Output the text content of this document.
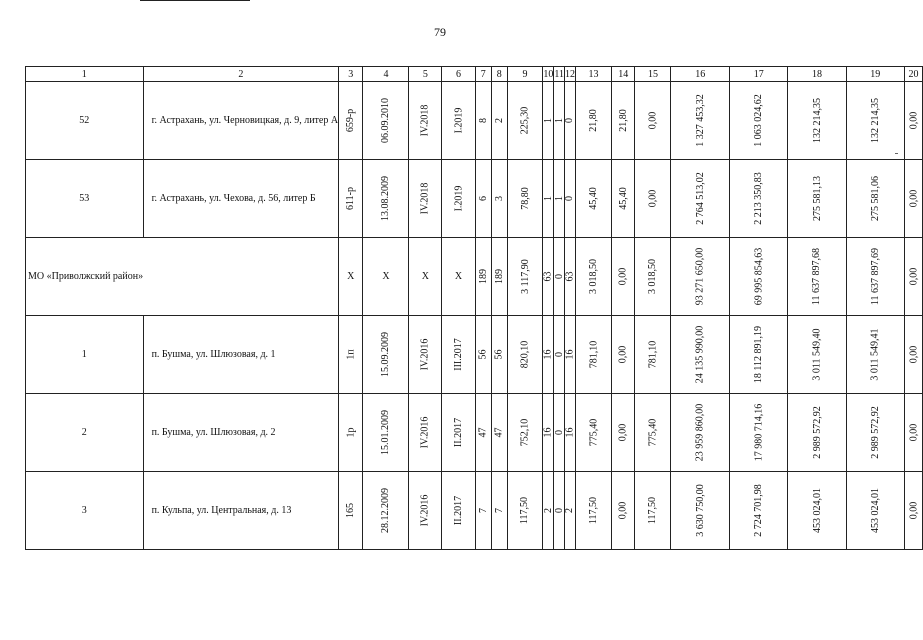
79
1	2	3	4	5	6	7	8	9	10	11	12	13	14	15	16	17	18	19	20
52	г. Астрахань, ул. Черновицкая, д. 9, литер А	659-р	06.09.2010	IV.2018	I.2019	8	2	225,30	1	1	0	21,80	21,80	0,00	1 327 453,32	1 063 024,62	132 214,35	132 214,35	0,00
53	г. Астрахань, ул. Чехова, д. 56, литер Б	611-р	13.08.2009	IV.2018	I.2019	6	3	78,80	1	1	0	45,40	45,40	0,00	2 764 513,02	2 213 350,83	275 581,13	275 581,06	0,00
МО «Приволжский район»		X	X	X	X	189	189	3 117,90	63	0	63	3 018,50	0,00	3 018,50	93 271 650,00	69 995 854,63	11 637 897,68	11 637 897,69	0,00
1	п. Бушма, ул. Шлюзовая, д. 1	1п	15.09.2009	IV.2016	III.2017	56	56	820,10	16	0	16	781,10	0,00	781,10	24 135 990,00	18 112 891,19	3 011 549,40	3 011 549,41	0,00
2	п. Бушма, ул. Шлюзовая, д. 2	1р	15.01.2009	IV.2016	II.2017	47	47	752,10	16	0	16	775,40	0,00	775,40	23 959 860,00	17 980 714,16	2 989 572,92	2 989 572,92	0,00
3	п. Кульпа, ул. Центральная, д. 13	165	28.12.2009	IV.2016	II.2017	7	7	117,50	2	0	2	117,50	0,00	117,50	3 630 750,00	2 724 701,98	453 024,01	453 024,01	0,00
